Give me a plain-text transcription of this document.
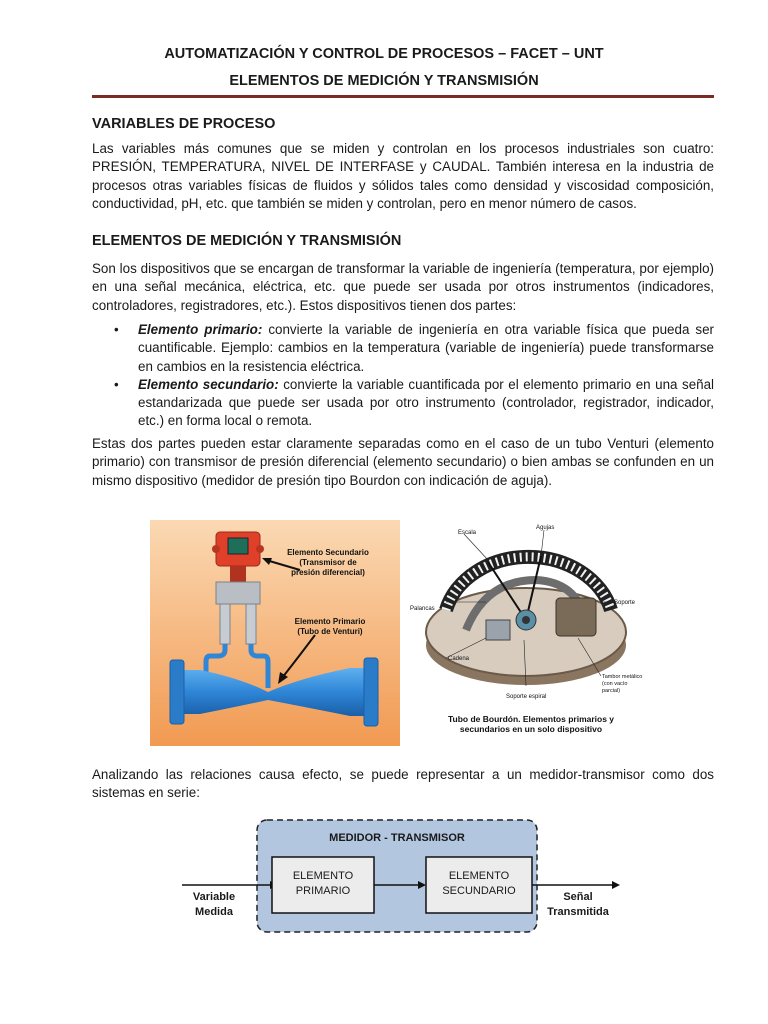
AUTOMATIZACIÓN Y CONTROL DE PROCESOS – FACET – UNT
ELEMENTOS DE MEDICIÓN Y TRANSMISIÓN
VARIABLES DE PROCESO
Las variables más comunes que se miden y controlan en los procesos industriales son cuatro: PRESIÓN, TEMPERATURA, NIVEL DE INTERFASE y CAUDAL. También interesa en la industria de procesos otras variables físicas de fluidos y sólidos tales como densidad y viscosidad composición, conductividad, pH, etc. que también se miden y controlan, pero en menor número de casos.
ELEMENTOS DE MEDICIÓN Y TRANSMISIÓN
Son los dispositivos que se encargan de transformar la variable de ingeniería (temperatura, por ejemplo) en una señal mecánica, eléctrica, etc. que puede ser usada por otros instrumentos (indicadores, controladores, registradores, etc.). Estos dispositivos tienen dos partes:
• Elemento primario: convierte la variable de ingeniería en otra variable física que pueda ser cuantificable. Ejemplo: cambios en la temperatura (variable de ingeniería) puede transformarse en cambios en la resistencia eléctrica.
• Elemento secundario: convierte la variable cuantificada por el elemento primario en una señal estandarizada que puede ser usada por otro instrumento (controlador, registrador, indicador, etc.) en forma local o remota.
Estas dos partes pueden estar claramente separadas como en el caso de un tubo Venturi (elemento primario) con transmisor de presión diferencial (elemento secundario) o bien ambas se confunden en un mismo dispositivo (medidor de presión tipo Bourdon con indicación de aguja).
Elemento Secundario
(Transmisor de
presión diferencial)
Elemento Primario
(Tubo de Venturi)
Escala
Agujas
Palancas
Soporte
Cadena
Tambor metálico
(con vacío
parcial)
Soporte espiral
Tubo de Bourdón. Elementos primarios y
secundarios en un solo dispositivo
Analizando las relaciones causa efecto, se puede representar a un medidor-transmisor como dos sistemas en serie:
MEDIDOR - TRANSMISOR
ELEMENTO
PRIMARIO
ELEMENTO
SECUNDARIO
Variable
Medida
Señal
Transmitida
